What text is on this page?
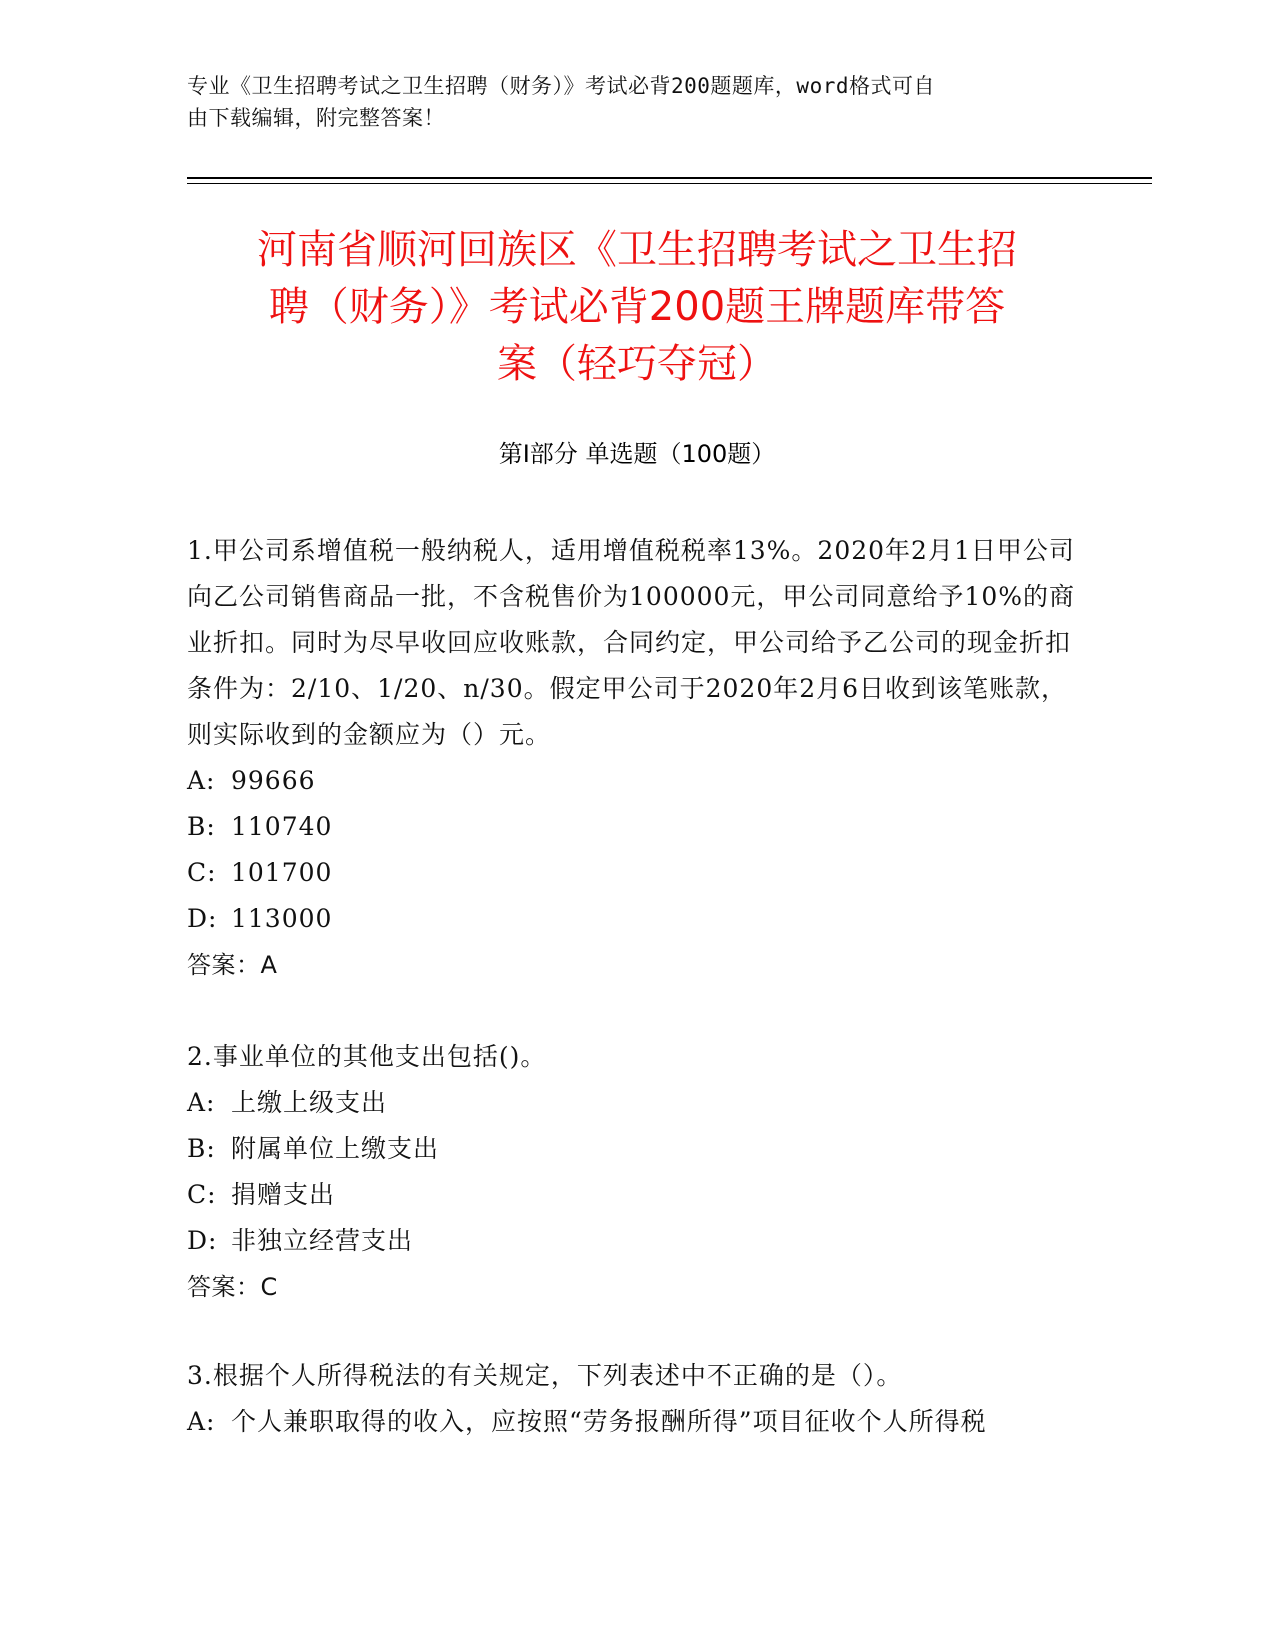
专业《卫生招聘考试之卫生招聘（财务）》考试必背200题题库，word格式可自
由下载编辑，附完整答案！
河南省顺河回族区《卫生招聘考试之卫生招
聘（财务）》考试必背200题王牌题库带答
案（轻巧夺冠）
第Ⅰ部分 单选题（100题）

1.甲公司系增值税一般纳税人，适用增值税税率13%。2020年2月1日甲公司向乙公司销售商品一批，不含税售价为100000元，甲公司同意给予10%的商业折扣。同时为尽早收回应收账款，合同约定，甲公司给予乙公司的现金折扣条件为：2/10、1/20、n/30。假定甲公司于2020年2月6日收到该笔账款，则实际收到的金额应为（）元。

A: 99666

B: 110740

C: 101700

D: 113000

答案：A

2.事业单位的其他支出包括()。

A: 上缴上级支出

B: 附属单位上缴支出

C: 捐赠支出

D: 非独立经营支出

答案：C

3.根据个人所得税法的有关规定，下列表述中不正确的是（）。

A: 个人兼职取得的收入，应按照“劳务报酬所得”项目征收个人所得税
